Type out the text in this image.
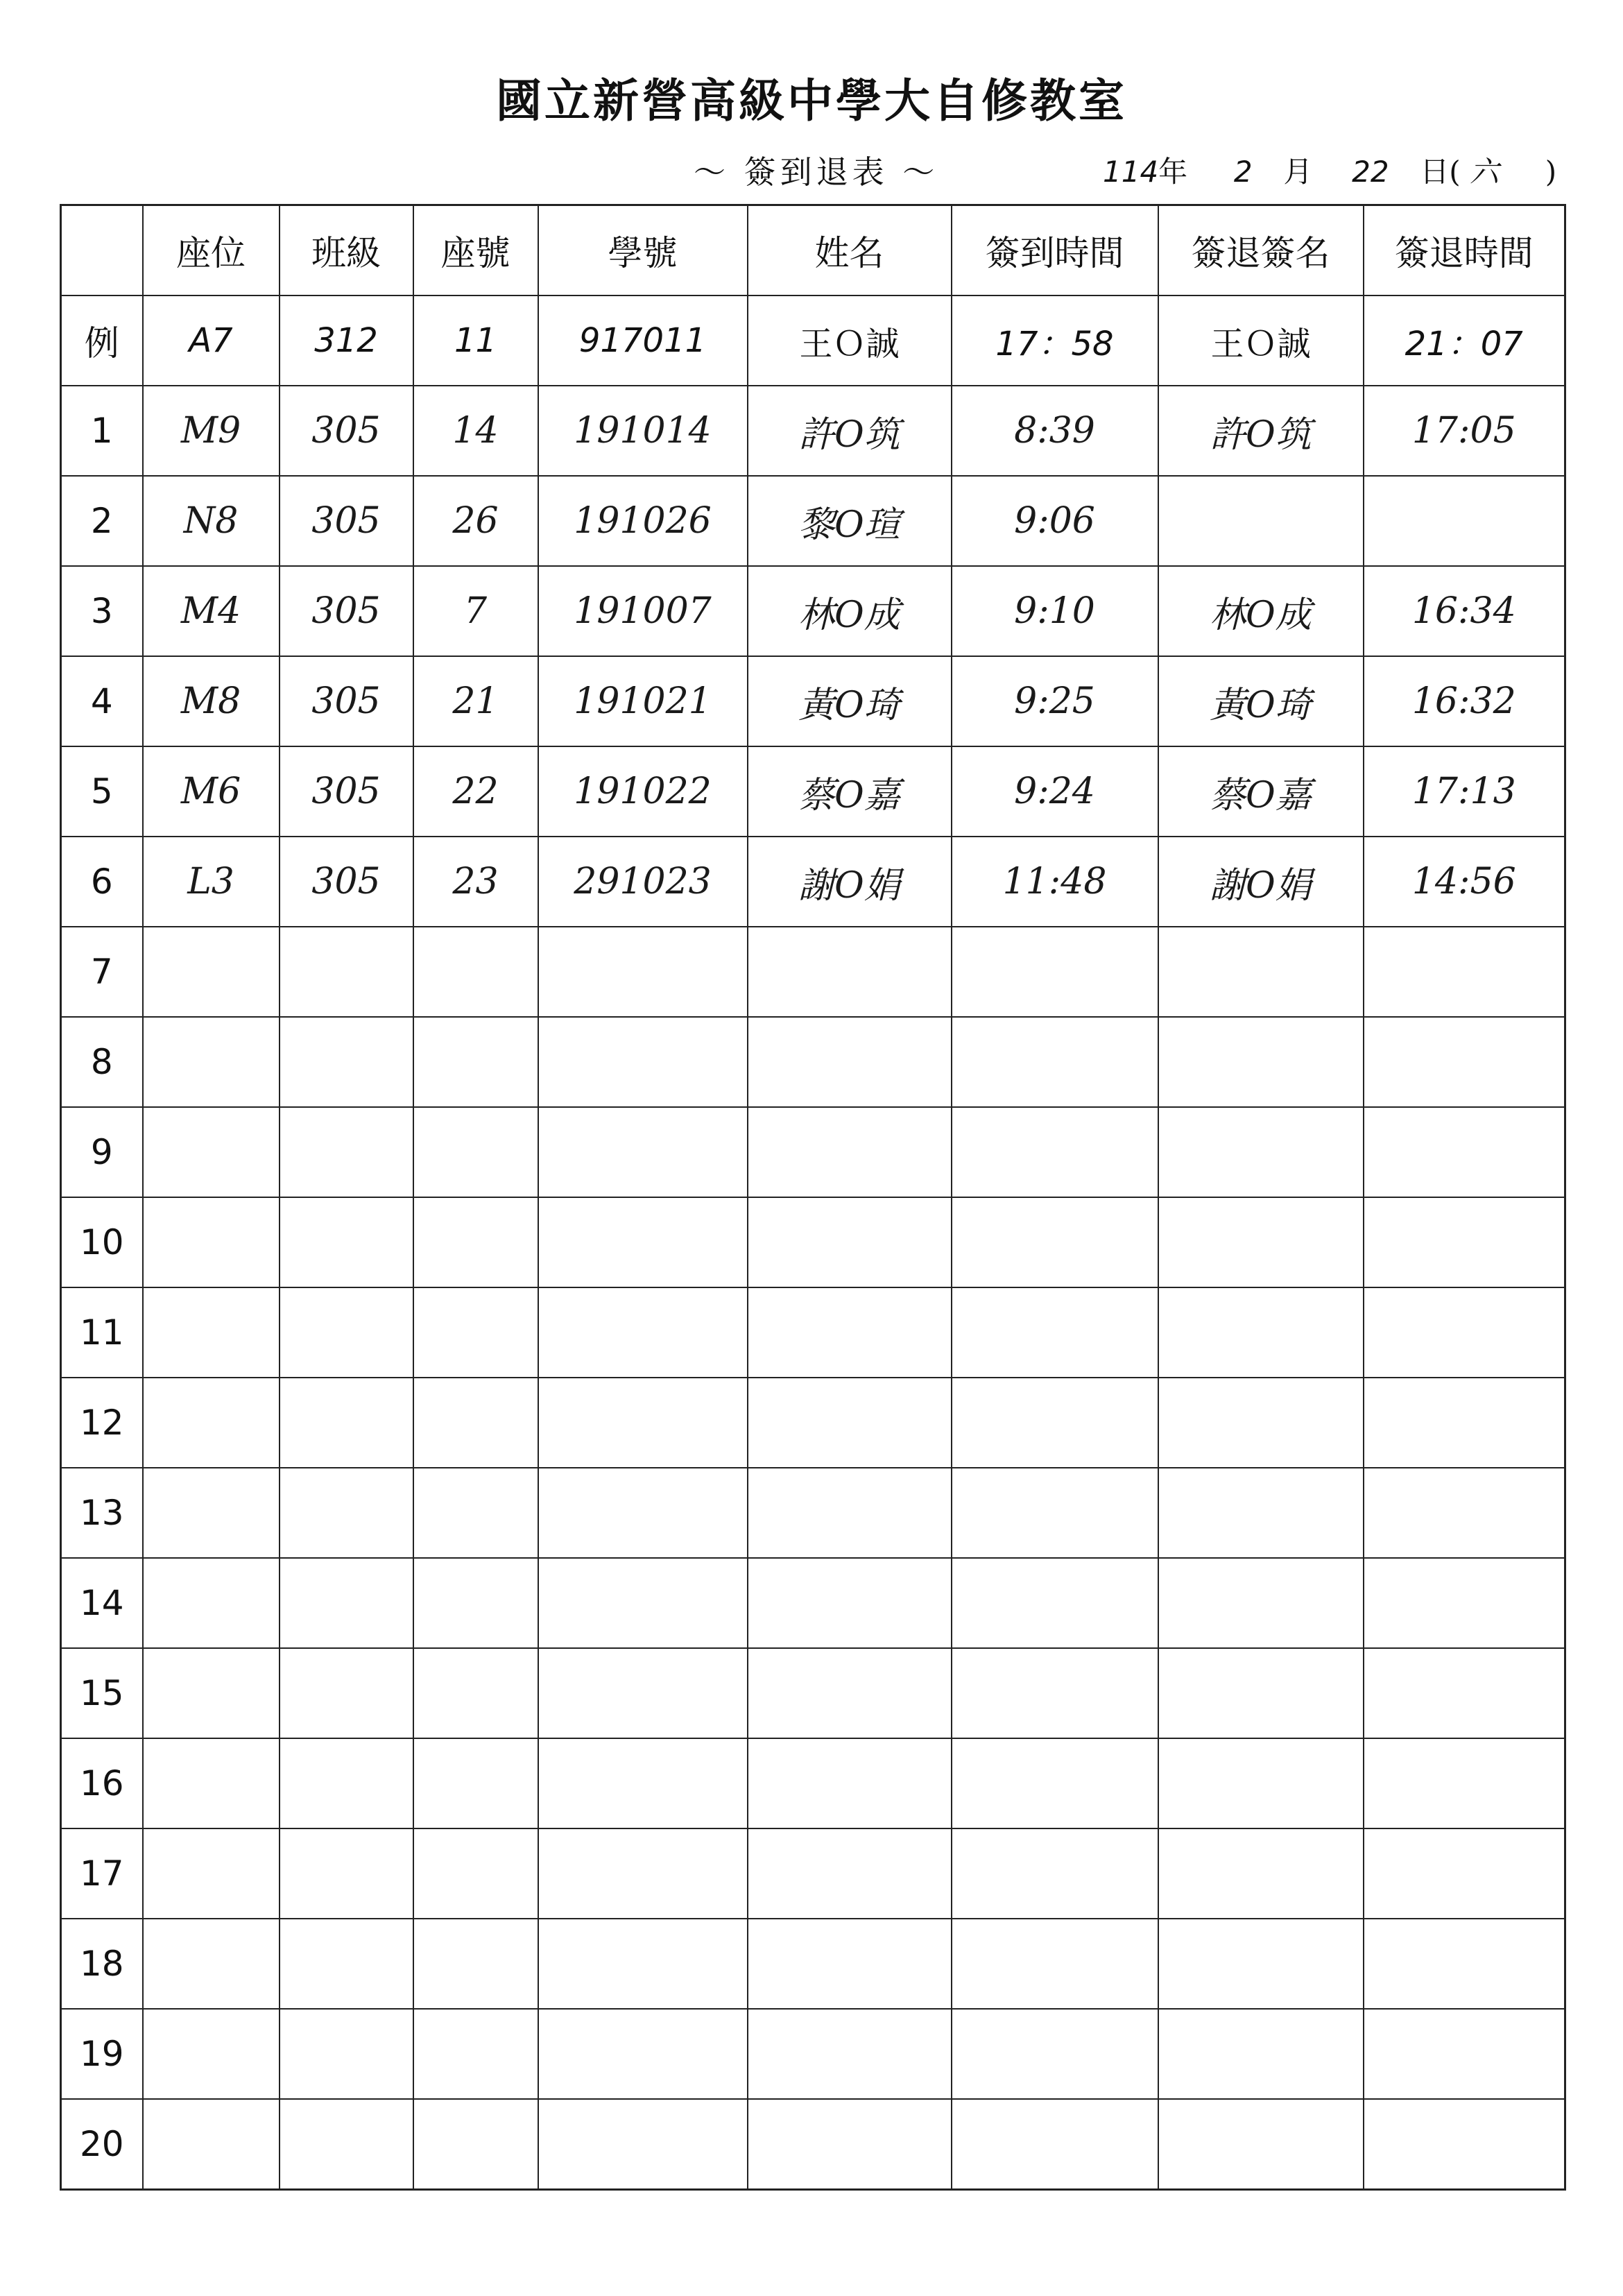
國立新營高級中學大自修教室
～ 簽到退表 ～	114年 2 月 22 日( 六 )
	座位	班級	座號	學號	姓名	簽到時間	簽退簽名	簽退時間
例	A7	312	11	917011	王Ｏ誠	17：58	王Ｏ誠	21：07
1	M9	305	14	191014	許O筑	8:39	許O筑	17:05
2	N8	305	26	191026	黎O瑄	9:06		
3	M4	305	7	191007	林O成	9:10	林O成	16:34
4	M8	305	21	191021	黃O琦	9:25	黃O琦	16:32
5	M6	305	22	191022	蔡O嘉	9:24	蔡O嘉	17:13
6	L3	305	23	291023	謝O娟	11:48	謝O娟	14:56
7								
8								
9								
10								
11								
12								
13								
14								
15								
16								
17								
18								
19								
20								
